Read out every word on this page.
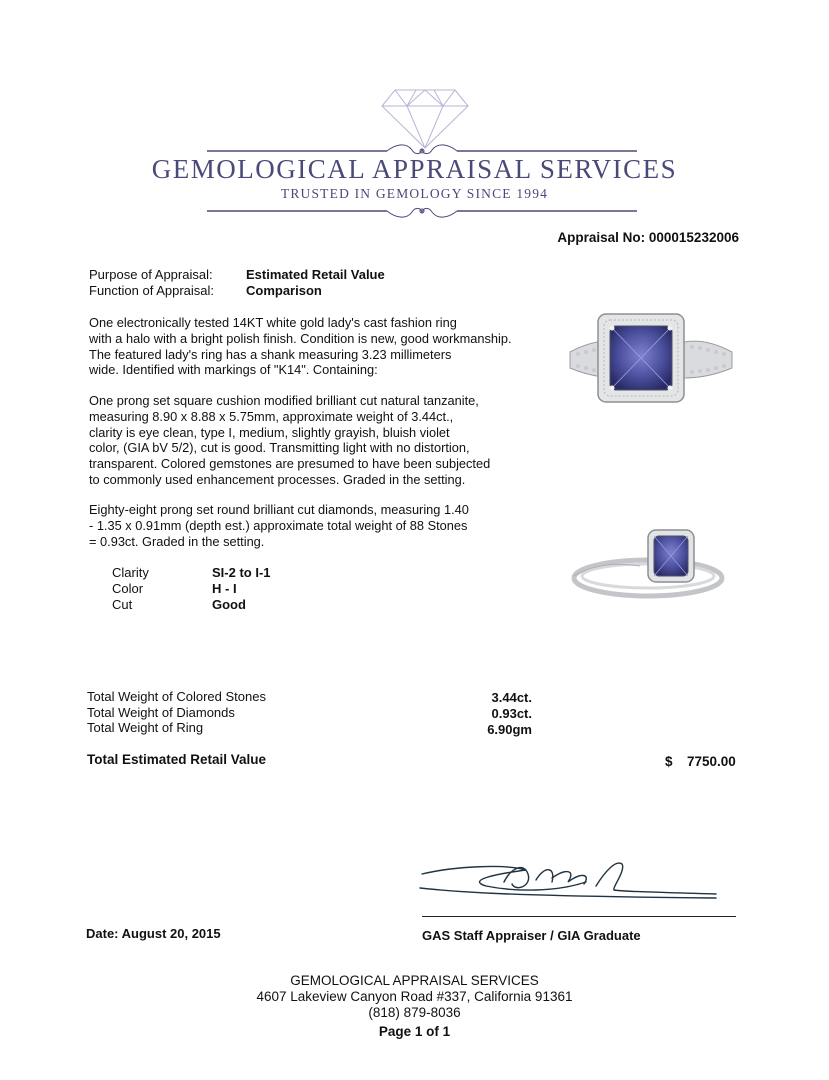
GEMOLOGICAL APPRAISAL SERVICES
TRUSTED IN GEMOLOGY SINCE 1994
Appraisal No: 000015232006
Purpose of Appraisal:	Estimated Retail Value
Function of Appraisal: Comparison
One electronically tested 14KT white gold lady's cast fashion ring
with a halo with a bright polish finish. Condition is new, good workmanship.
The featured lady's ring has a shank measuring 3.23 millimeters
wide. Identified with markings of "K14". Containing:
One prong set square cushion modified brilliant cut natural tanzanite,
measuring 8.90 x 8.88 x 5.75mm, approximate weight of 3.44ct.,
clarity is eye clean, type I, medium, slightly grayish, bluish violet
color, (GIA bV 5/2), cut is good. Transmitting light with no distortion,
transparent. Colored gemstones are presumed to have been subjected
to commonly used enhancement processes. Graded in the setting.
Eighty-eight prong set round brilliant cut diamonds, measuring 1.40
- 1.35 x 0.91mm (depth est.) approximate total weight of 88 Stones
= 0.93ct. Graded in the setting.
Clarity	SI-2 to I-1
Color	H - I
Cut	Good
Total Weight of Colored Stones	3.44ct.
Total Weight of Diamonds	0.93ct.
Total Weight of Ring	6.90gm
Total Estimated Retail Value	$ 7750.00
Date: August 20, 2015	GAS Staff Appraiser / GIA Graduate
GEMOLOGICAL APPRAISAL SERVICES
4607 Lakeview Canyon Road #337, California 91361
(818) 879-8036
Page 1 of 1
